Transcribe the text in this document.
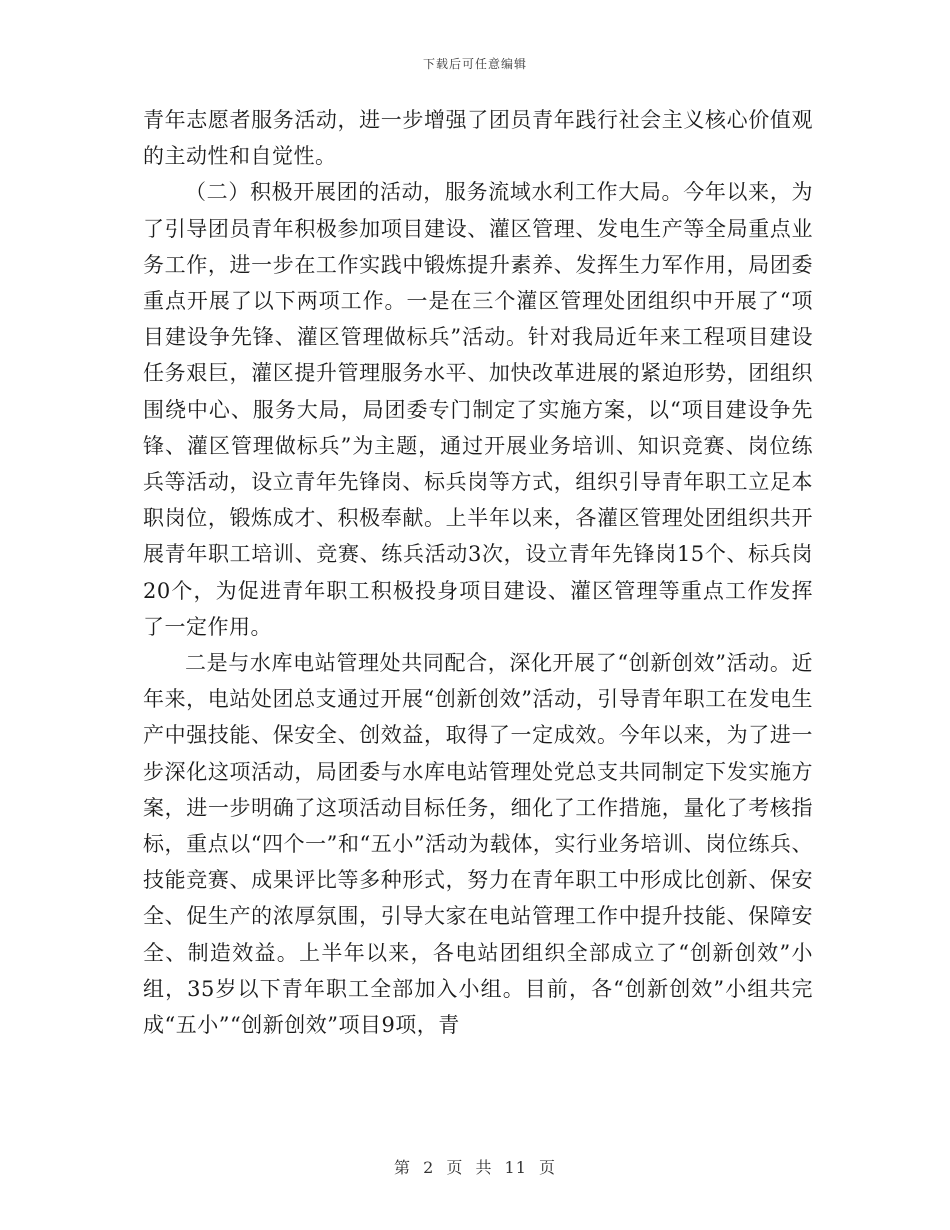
下载后可任意编辑

青年志愿者服务活动，进一步增强了团员青年践行社会主义核心价值观的主动性和自觉性。

（二）积极开展团的活动，服务流域水利工作大局。今年以来，为了引导团员青年积极参加项目建设、灌区管理、发电生产等全局重点业务工作，进一步在工作实践中锻炼提升素养、发挥生力军作用，局团委重点开展了以下两项工作。一是在三个灌区管理处团组织中开展了“项目建设争先锋、灌区管理做标兵”活动。针对我局近年来工程项目建设任务艰巨，灌区提升管理服务水平、加快改革进展的紧迫形势，团组织围绕中心、服务大局，局团委专门制定了实施方案，以“项目建设争先锋、灌区管理做标兵”为主题，通过开展业务培训、知识竞赛、岗位练兵等活动，设立青年先锋岗、标兵岗等方式，组织引导青年职工立足本职岗位，锻炼成才、积极奉献。上半年以来，各灌区管理处团组织共开展青年职工培训、竞赛、练兵活动3次，设立青年先锋岗15个、标兵岗20个，为促进青年职工积极投身项目建设、灌区管理等重点工作发挥了一定作用。

二是与水库电站管理处共同配合，深化开展了“创新创效”活动。近年来，电站处团总支通过开展“创新创效”活动，引导青年职工在发电生产中强技能、保安全、创效益，取得了一定成效。今年以来，为了进一步深化这项活动，局团委与水库电站管理处党总支共同制定下发实施方案，进一步明确了这项活动目标任务，细化了工作措施，量化了考核指标，重点以“四个一”和“五小”活动为载体，实行业务培训、岗位练兵、技能竞赛、成果评比等多种形式，努力在青年职工中形成比创新、保安全、促生产的浓厚氛围，引导大家在电站管理工作中提升技能、保障安全、制造效益。上半年以来，各电站团组织全部成立了“创新创效”小组，35岁以下青年职工全部加入小组。目前，各“创新创效”小组共完成“五小”“创新创效”项目9项，青

第 2 页 共 11 页
